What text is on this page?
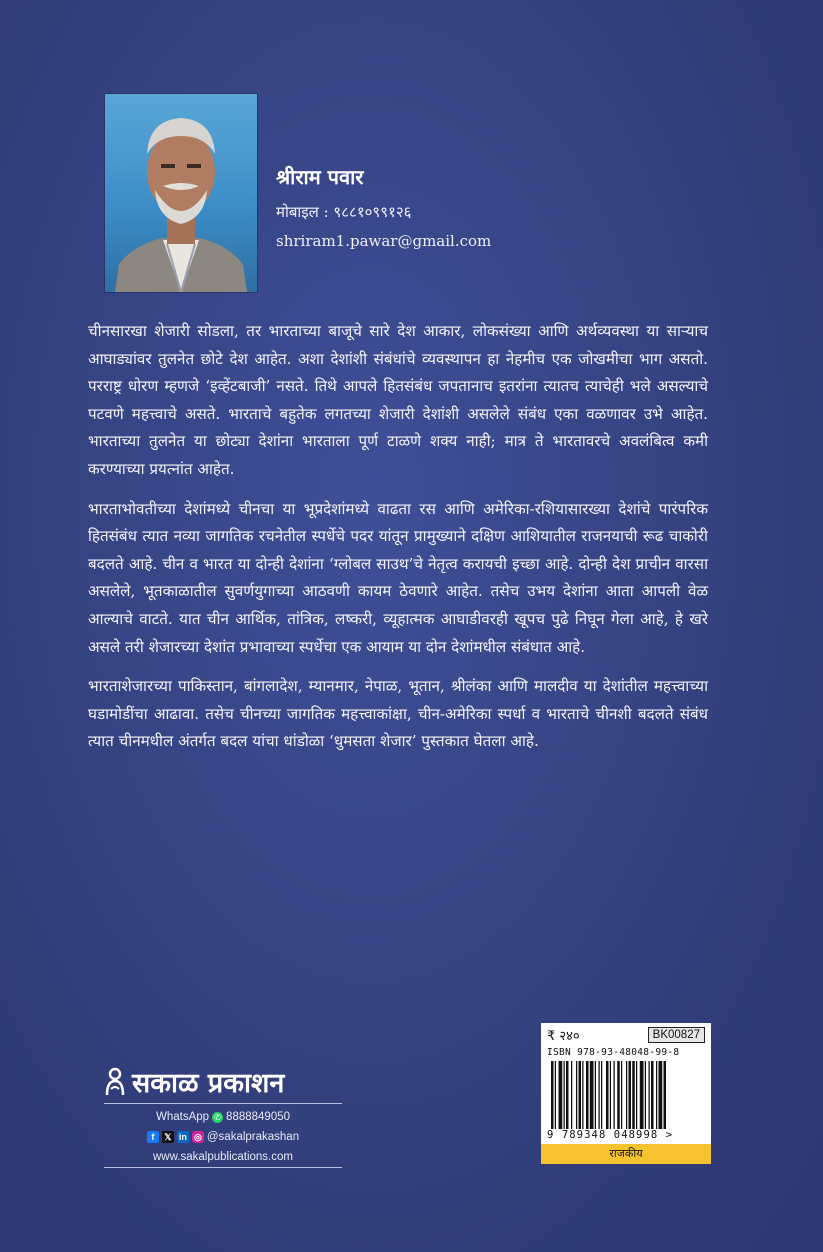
श्रीराम पवार
मोबाइल : ९८८१०९९१२६
shriram1.pawar@gmail.com

चीनसारखा शेजारी सोडला, तर भारताच्या बाजूचे सारे देश आकार, लोकसंख्या आणि अर्थव्यवस्था या साऱ्याच आघाड्यांवर तुलनेत छोटे देश आहेत. अशा देशांशी संबंधांचे व्यवस्थापन हा नेहमीच एक जोखमीचा भाग असतो. परराष्ट्र धोरण म्हणजे ‘इव्हेंटबाजी’ नसते. तिथे आपले हितसंबंध जपतानाच इतरांना त्यातच त्याचेही भले असल्याचे पटवणे महत्त्वाचे असते. भारताचे बहुतेक लगतच्या शेजारी देशांशी असलेले संबंध एका वळणावर उभे आहेत. भारताच्या तुलनेत या छोट्या देशांना भारताला पूर्ण टाळणे शक्य नाही; मात्र ते भारतावरचे अवलंबित्व कमी करण्याच्या प्रयत्नांत आहेत.

भारताभोवतीच्या देशांमध्ये चीनचा या भूप्रदेशांमध्ये वाढता रस आणि अमेरिका-रशियासारख्या देशांचे पारंपरिक हितसंबंध त्यात नव्या जागतिक रचनेतील स्पर्धेचे पदर यांतून प्रामुख्याने दक्षिण आशियातील राजनयाची रूढ चाकोरी बदलते आहे. चीन व भारत या दोन्ही देशांना ‘ग्लोबल साउथ’चे नेतृत्व करायची इच्छा आहे. दोन्ही देश प्राचीन वारसा असलेले, भूतकाळातील सुवर्णयुगाच्या आठवणी कायम ठेवणारे आहेत. तसेच उभय देशांना आता आपली वेळ आल्याचे वाटते. यात चीन आर्थिक, तांत्रिक, लष्करी, व्यूहात्मक आघाडीवरही खूपच पुढे निघून गेला आहे, हे खरे असले तरी शेजारच्या देशांत प्रभावाच्या स्पर्धेचा एक आयाम या दोन देशांमधील संबंधात आहे.

भारताशेजारच्या पाकिस्तान, बांगलादेश, म्यानमार, नेपाळ, भूतान, श्रीलंका आणि मालदीव या देशांतील महत्त्वाच्या घडामोडींचा आढावा. तसेच चीनच्या जागतिक महत्त्वाकांक्षा, चीन-अमेरिका स्पर्धा व भारताचे चीनशी बदलते संबंध त्यात चीनमधील अंतर्गत बदल यांचा धांडोळा ‘धुमसता शेजार’ पुस्तकात घेतला आहे.

सकाळ प्रकाशन
WhatsApp ✆ 8888849050
f	𝕏 in ◎ @sakalprakashan
www.sakalpublications.com
₹ २४०	BK00827
ISBN 978-93-48048-99-8
9 789348 048998 >
राजकीय
